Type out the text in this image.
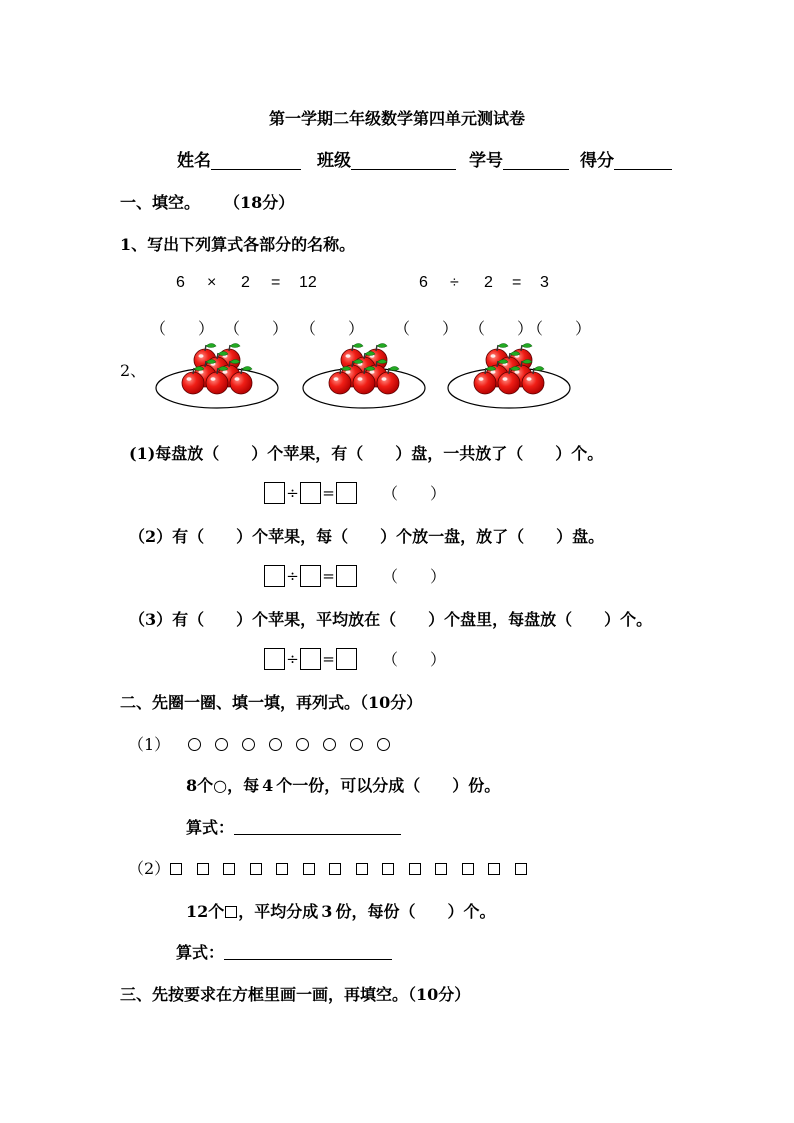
第一学期二年级数学第四单元测试卷
姓名	班级	学号	得分
一、填空。 （18分）
1、写出下列算式各部分的名称。
6 × 2 = 12	6 ÷ 2 = 3
（　　） （　　） （　　） （　　） （　　）
（　　）
2、
(1)每盘放（　　）个苹果，有（　　）盘，一共放了（　　）个。
÷ =	（　　）
（2）有（　　）个苹果，每（　　）个放一盘，放了（　　）盘。
÷ =	（　　）
（3）有（　　）个苹果，平均放在（　　）个盘里，每盘放（　　）个。
÷ =	（　　）
二、先圈一圈、填一填，再列式。（10分）
（1）
8个○，每 4 个一份，可以分成（　　）份。
算式：
（2）
12个 ，平均分成 3 份，每份（　　）个。
算式：
三、先按要求在方框里画一画，再填空。（10分）
